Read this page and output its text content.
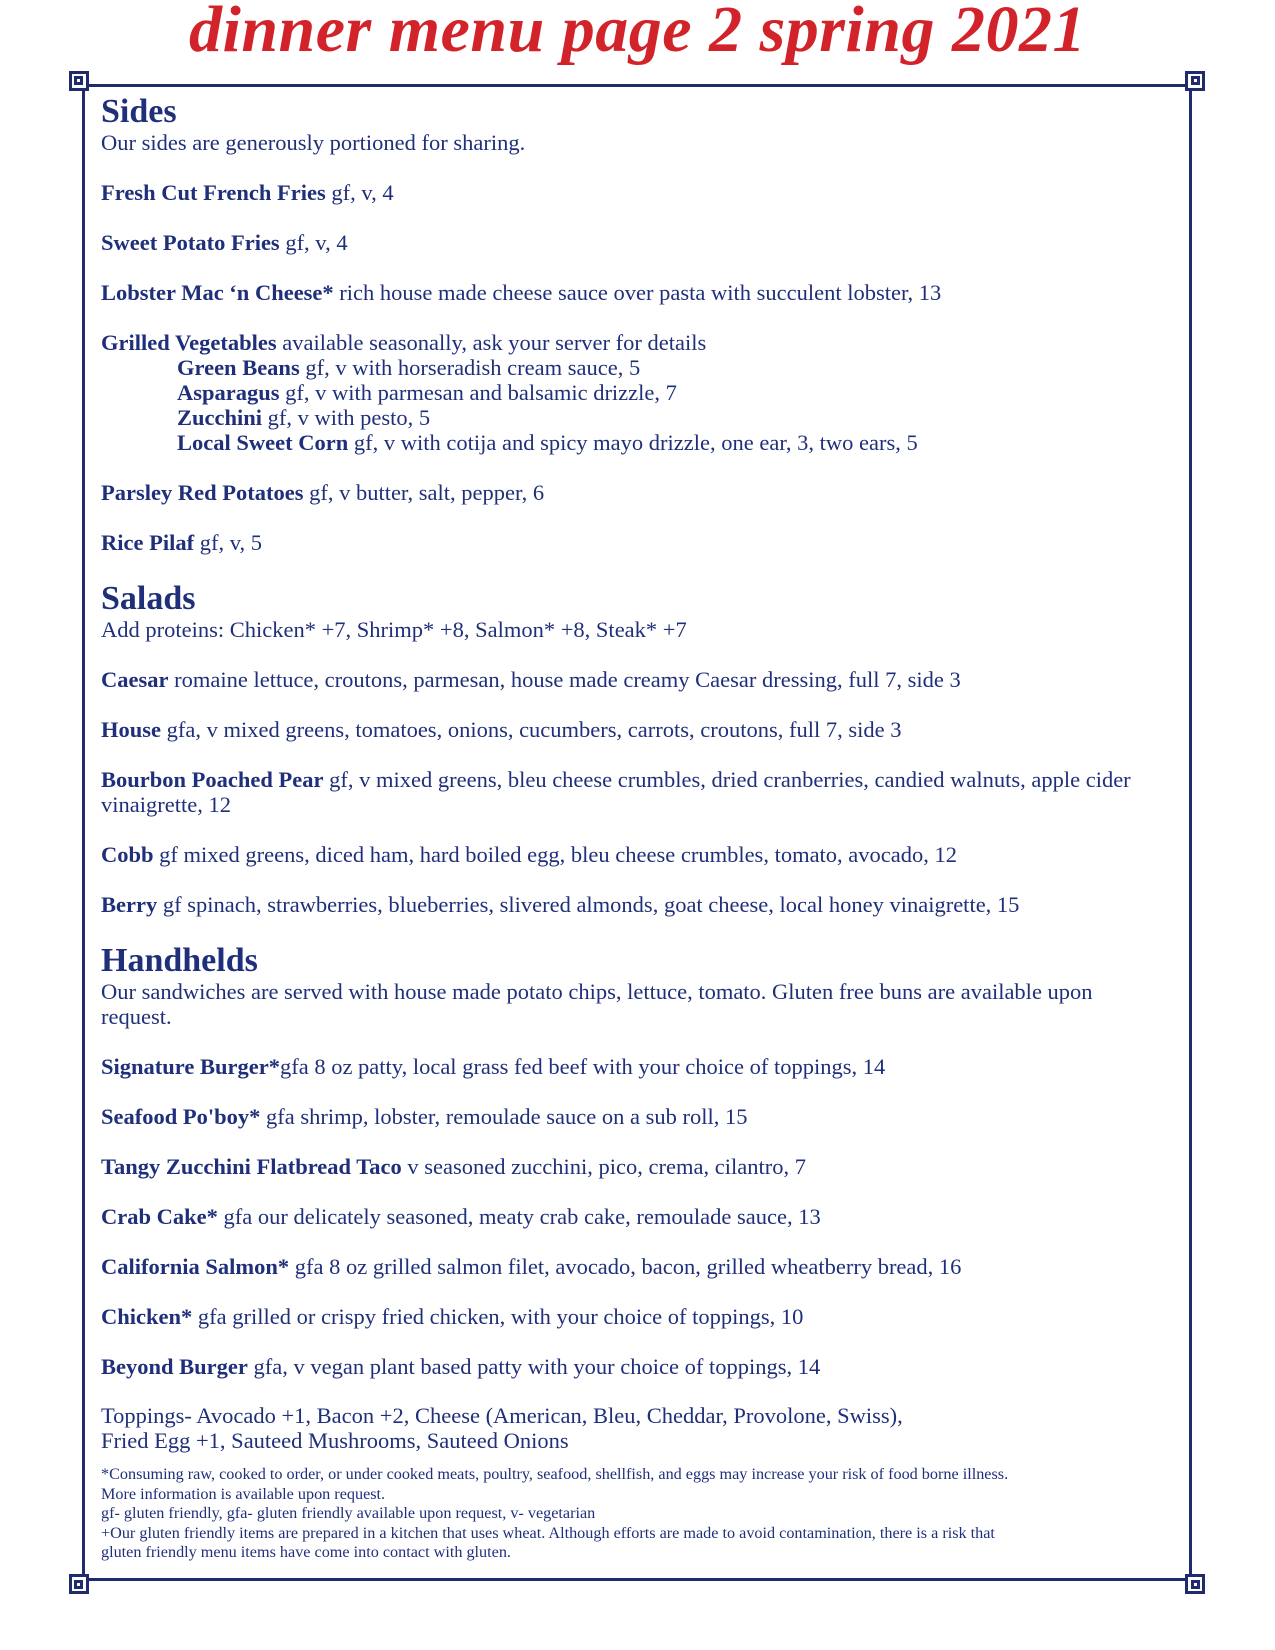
dinner menu page 2 spring 2021
Sides
Our sides are generously portioned for sharing.
Fresh Cut French Fries gf, v, 4
Sweet Potato Fries gf, v, 4
Lobster Mac ‘n Cheese* rich house made cheese sauce over pasta with succulent lobster, 13
Grilled Vegetables available seasonally, ask your server for details
Green Beans gf, v with horseradish cream sauce, 5
Asparagus gf, v with parmesan and balsamic drizzle, 7
Zucchini gf, v with pesto, 5
Local Sweet Corn gf, v with cotija and spicy mayo drizzle, one ear, 3, two ears, 5
Parsley Red Potatoes gf, v butter, salt, pepper, 6
Rice Pilaf gf, v, 5
Salads
Add proteins: Chicken* +7, Shrimp* +8, Salmon* +8, Steak* +7
Caesar romaine lettuce, croutons, parmesan, house made creamy Caesar dressing, full 7, side 3
House gfa, v mixed greens, tomatoes, onions, cucumbers, carrots, croutons, full 7, side 3
Bourbon Poached Pear gf, v mixed greens, bleu cheese crumbles, dried cranberries, candied walnuts, apple cider vinaigrette, 12
Cobb gf mixed greens, diced ham, hard boiled egg, bleu cheese crumbles, tomato, avocado, 12
Berry gf spinach, strawberries, blueberries, slivered almonds, goat cheese, local honey vinaigrette, 15
Handhelds
Our sandwiches are served with house made potato chips, lettuce, tomato. Gluten free buns are available upon request.
Signature Burger*gfa 8 oz patty, local grass fed beef with your choice of toppings, 14
Seafood Po'boy* gfa shrimp, lobster, remoulade sauce on a sub roll, 15
Tangy Zucchini Flatbread Taco v seasoned zucchini, pico, crema, cilantro, 7
Crab Cake* gfa our delicately seasoned, meaty crab cake, remoulade sauce, 13
California Salmon* gfa 8 oz grilled salmon filet, avocado, bacon, grilled wheatberry bread, 16
Chicken* gfa grilled or crispy fried chicken, with your choice of toppings, 10
Beyond Burger gfa, v vegan plant based patty with your choice of toppings, 14
Toppings- Avocado +1, Bacon +2, Cheese (American, Bleu, Cheddar, Provolone, Swiss),
Fried Egg +1, Sauteed Mushrooms, Sauteed Onions
*Consuming raw, cooked to order, or under cooked meats, poultry, seafood, shellfish, and eggs may increase your risk of food borne illness.
More information is available upon request.
gf- gluten friendly, gfa- gluten friendly available upon request, v- vegetarian
+Our gluten friendly items are prepared in a kitchen that uses wheat. Although efforts are made to avoid contamination, there is a risk that
gluten friendly menu items have come into contact with gluten.
